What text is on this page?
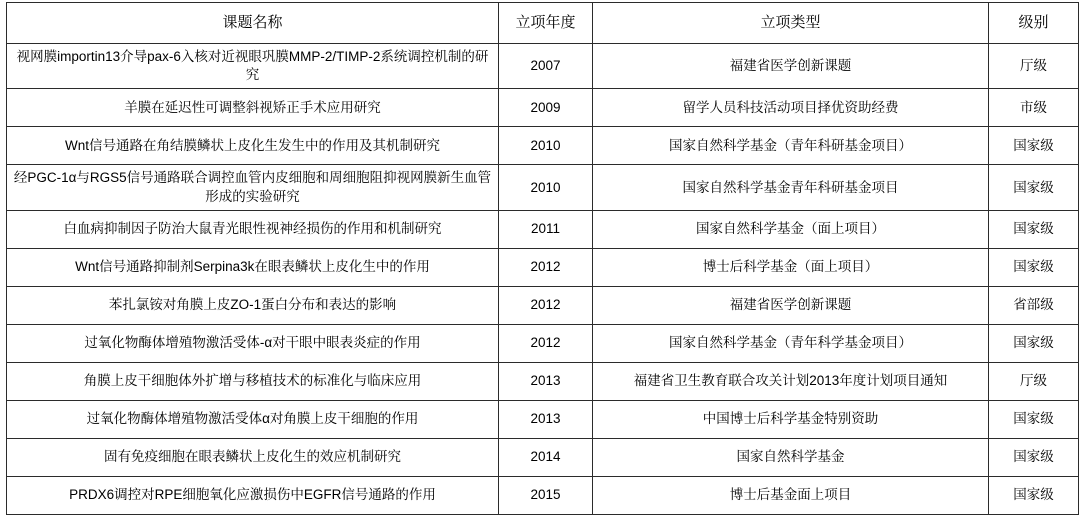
课题名称	立项年度	立项类型	级别
视网膜importin13介导pax-6入核对近视眼巩膜MMP-2/TIMP-2系统调控机制的研究	2007	福建省医学创新课题	厅级
羊膜在延迟性可调整斜视矫正手术应用研究	2009	留学人员科技活动项目择优资助经费	市级
Wnt信号通路在角结膜鳞状上皮化生发生中的作用及其机制研究	2010	国家自然科学基金（青年科研基金项目）	国家级
经PGC-1α与RGS5信号通路联合调控血管内皮细胞和周细胞阻抑视网膜新生血管形成的实验研究	2010	国家自然科学基金青年科研基金项目	国家级
白血病抑制因子防治大鼠青光眼性视神经损伤的作用和机制研究	2011	国家自然科学基金（面上项目）	国家级
Wnt信号通路抑制剂Serpina3k在眼表鳞状上皮化生中的作用	2012	博士后科学基金（面上项目）	国家级
苯扎氯铵对角膜上皮ZO-1蛋白分布和表达的影响	2012	福建省医学创新课题	省部级
过氧化物酶体增殖物激活受体-α对干眼中眼表炎症的作用	2012	国家自然科学基金（青年科学基金项目）	国家级
角膜上皮干细胞体外扩增与移植技术的标准化与临床应用	2013	福建省卫生教育联合攻关计划2013年度计划项目通知	厅级
过氧化物酶体增殖物激活受体α对角膜上皮干细胞的作用	2013	中国博士后科学基金特别资助	国家级
固有免疫细胞在眼表鳞状上皮化生的效应机制研究	2014	国家自然科学基金	国家级
PRDX6调控对RPE细胞氧化应激损伤中EGFR信号通路的作用	2015	博士后基金面上项目	国家级
